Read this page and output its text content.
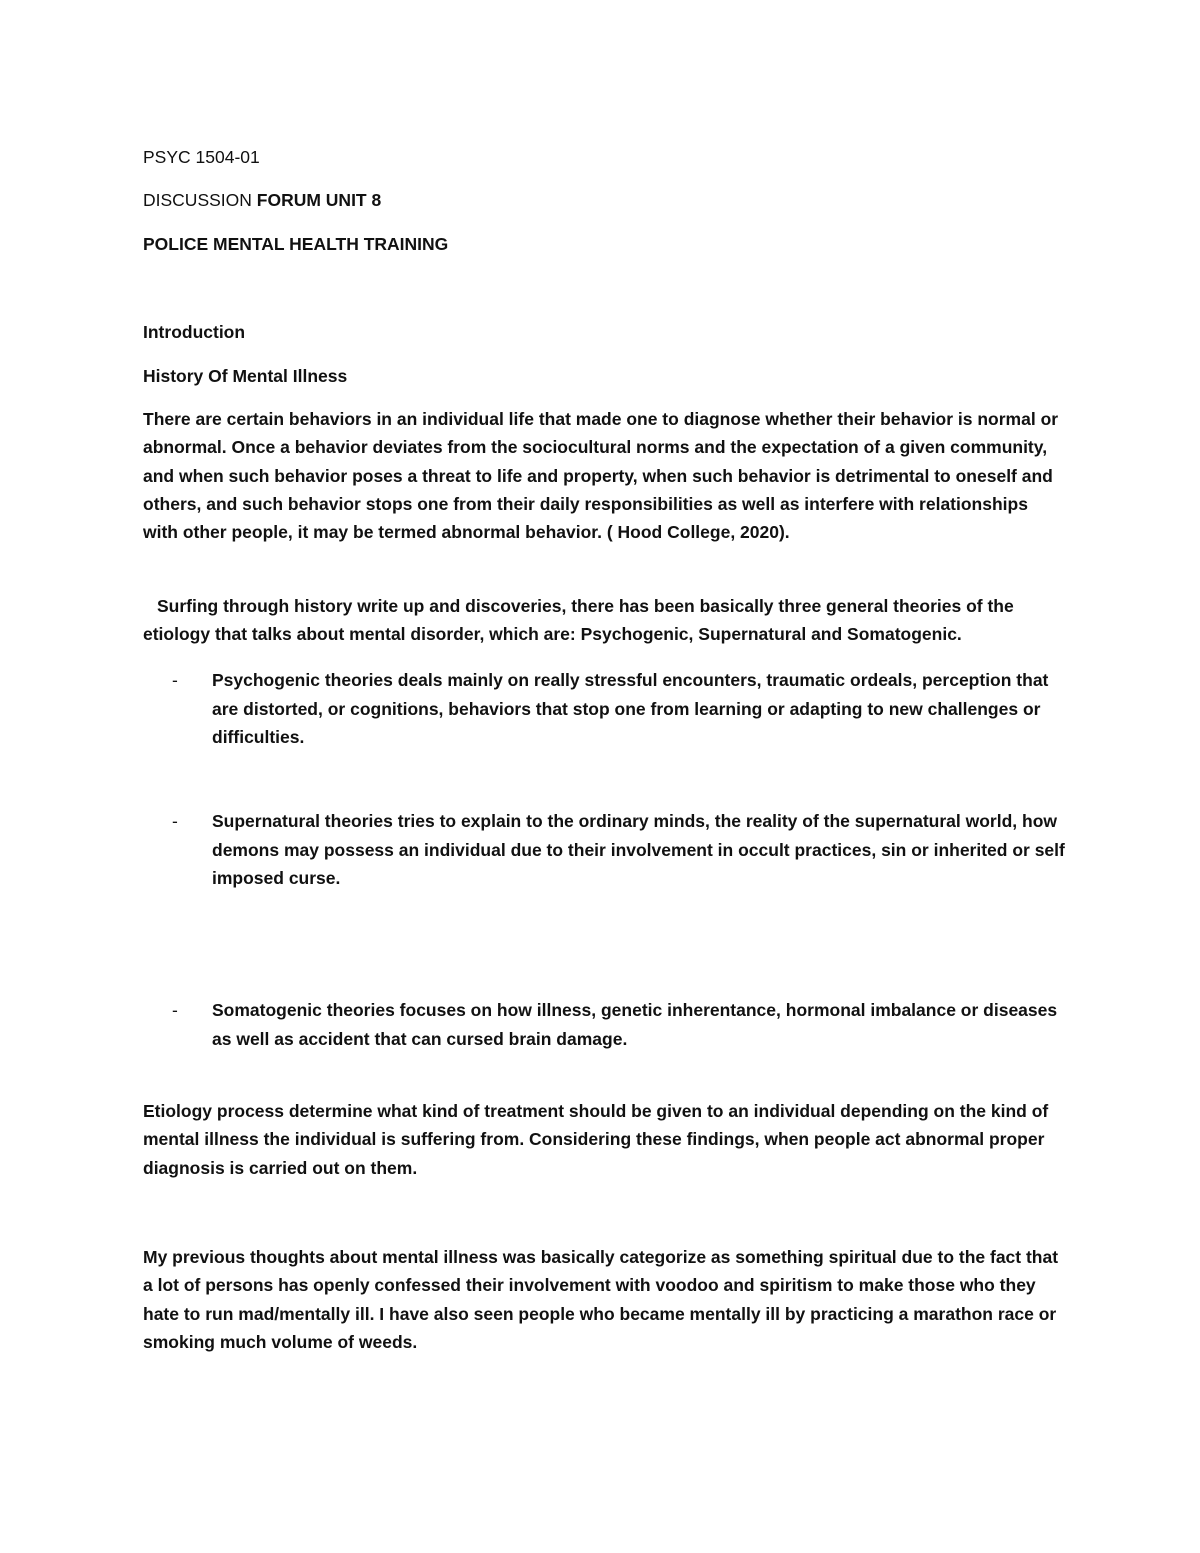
PSYC 1504-01
DISCUSSION FORUM UNIT 8
POLICE MENTAL HEALTH TRAINING
Introduction
History Of Mental Illness
There are certain behaviors in an individual life that made one to diagnose whether their behavior is normal or abnormal. Once a behavior deviates from the sociocultural norms and the expectation of a given community, and when such behavior poses a threat to life and property, when such behavior is detrimental to oneself and others, and such behavior stops one from their daily responsibilities as well as interfere with relationships with other people, it may be termed abnormal behavior. ( Hood College, 2020).
Surfing through history write up and discoveries, there has been basically three general theories of the etiology that talks about mental disorder, which are: Psychogenic, Supernatural and Somatogenic.
-	Psychogenic theories deals mainly on really stressful encounters, traumatic ordeals, perception that are distorted, or cognitions, behaviors that stop one from learning or adapting to new challenges or difficulties.
-	Supernatural theories tries to explain to the ordinary minds, the reality of the supernatural world, how demons may possess an individual due to their involvement in occult practices, sin or inherited or self imposed curse.
-	Somatogenic theories focuses on how illness, genetic inherentance, hormonal imbalance or diseases as well as accident that can cursed brain damage.
Etiology process determine what kind of treatment should be given to an individual depending on the kind of mental illness the individual is suffering from. Considering these findings, when people act abnormal proper diagnosis is carried out on them.
My previous thoughts about mental illness was basically categorize as something spiritual due to the fact that a lot of persons has openly confessed their involvement with voodoo and spiritism to make those who they hate to run mad/mentally ill. I have also seen people who became mentally ill by practicing a marathon race or smoking much volume of weeds.
